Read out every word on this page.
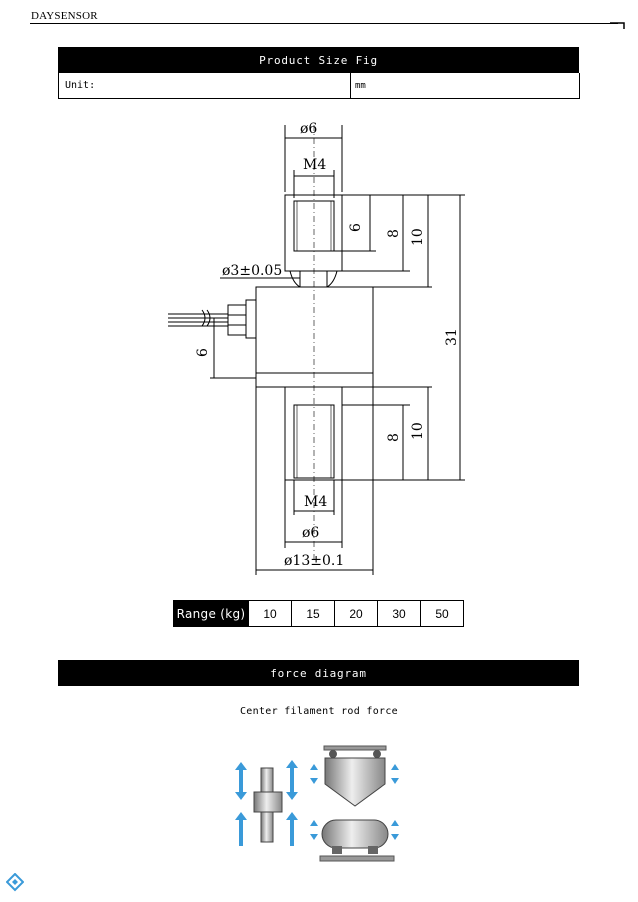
DAYSENSOR
Product Size Fig
Unit:	mm
ø6
M4
6
8 10
ø3±0.05
31
6
8 10
M4
ø6
ø13±0.1
Range (kg)	10	15	20	30	50
force diagram
Center filament rod force
